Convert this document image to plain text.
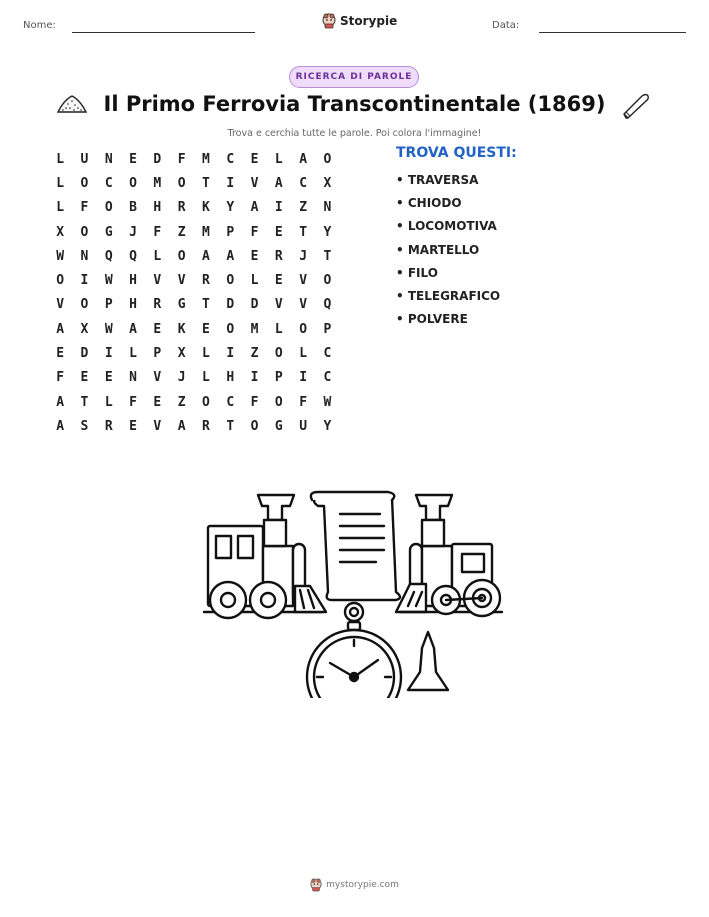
Nome:	Storypie	Data:
RICERCA DI PAROLE
Il Primo Ferrovia Transcontinentale (1869)
Trova e cerchia tutte le parole. Poi colora l'immagine!
L	U	N	E	D	F	M	C	E	L	A	O
L	O	C	O	M	O	T	I	V	A	C	X
L	F	O	B	H	R	K	Y	A	I	Z	N
X	O	G	J	F	Z	M	P	F	E	T	Y
W	N	Q	Q	L	O	A	A	E	R	J	T
O	I	W	H	V	V	R	O	L	E	V	O
V	O	P	H	R	G	T	D	D	V	V	Q
A	X	W	A	E	K	E	O	M	L	O	P
E	D	I	L	P	X	L	I	Z	O	L	C
F	E	E	N	V	J	L	H	I	P	I	C
A	T	L	F	E	Z	O	C	F	O	F	W
A	S	R	E	V	A	R	T	O	G	U	Y
TROVA QUESTI:
• TRAVERSA
• CHIODO
• LOCOMOTIVA
• MARTELLO
• FILO
• TELEGRAFICO
• POLVERE
mystorypie.com
